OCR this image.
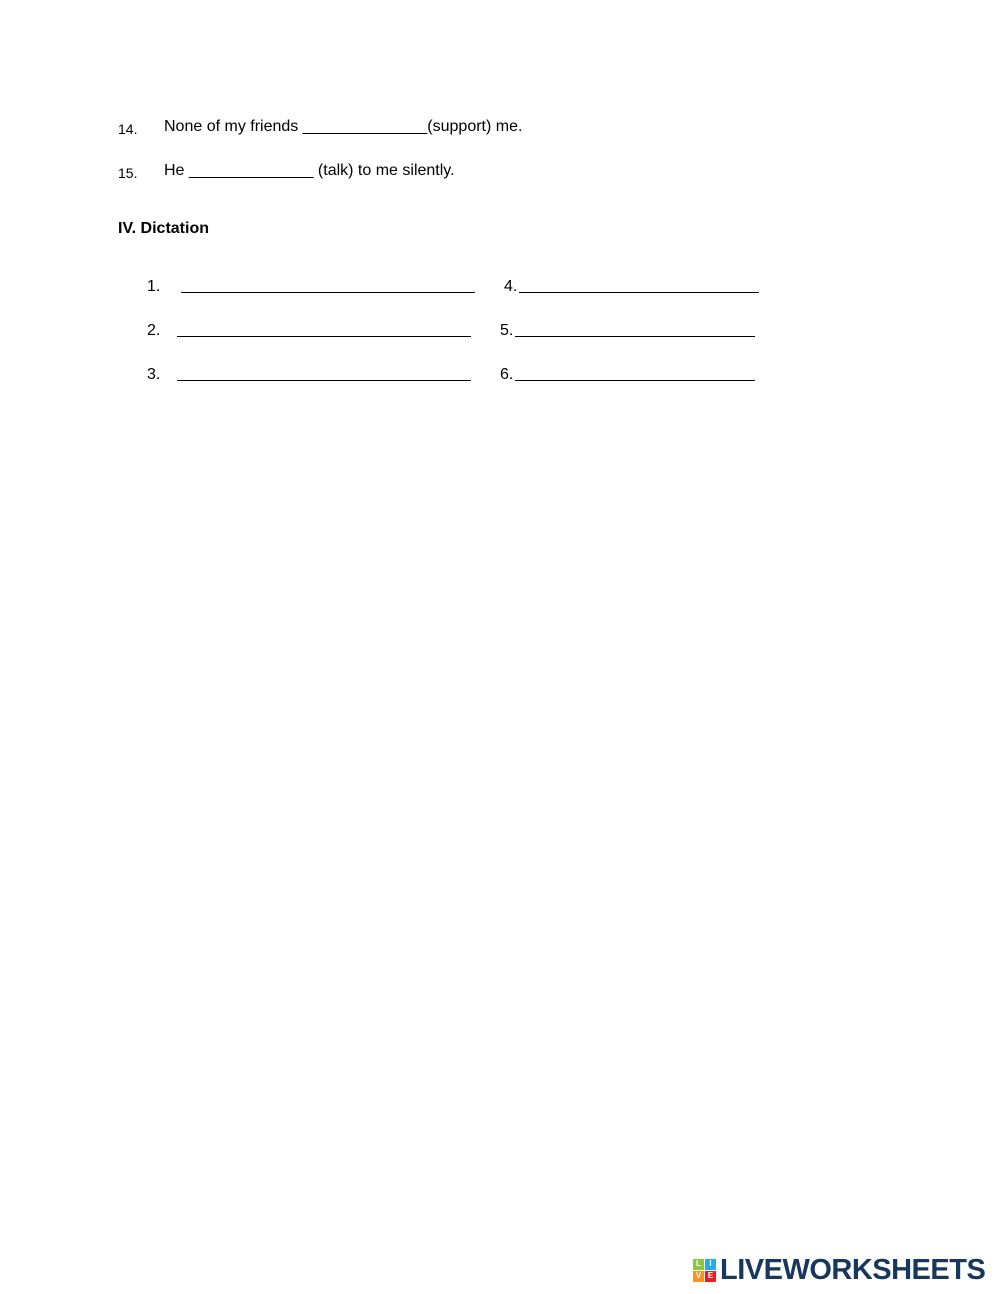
14. None of my friends ______________(support) me.
15. He ______________ (talk) to me silently.
IV. Dictation
1.	4.
2.	5.
3.	6.
L	I
V E LIVEWORKSHEETS
